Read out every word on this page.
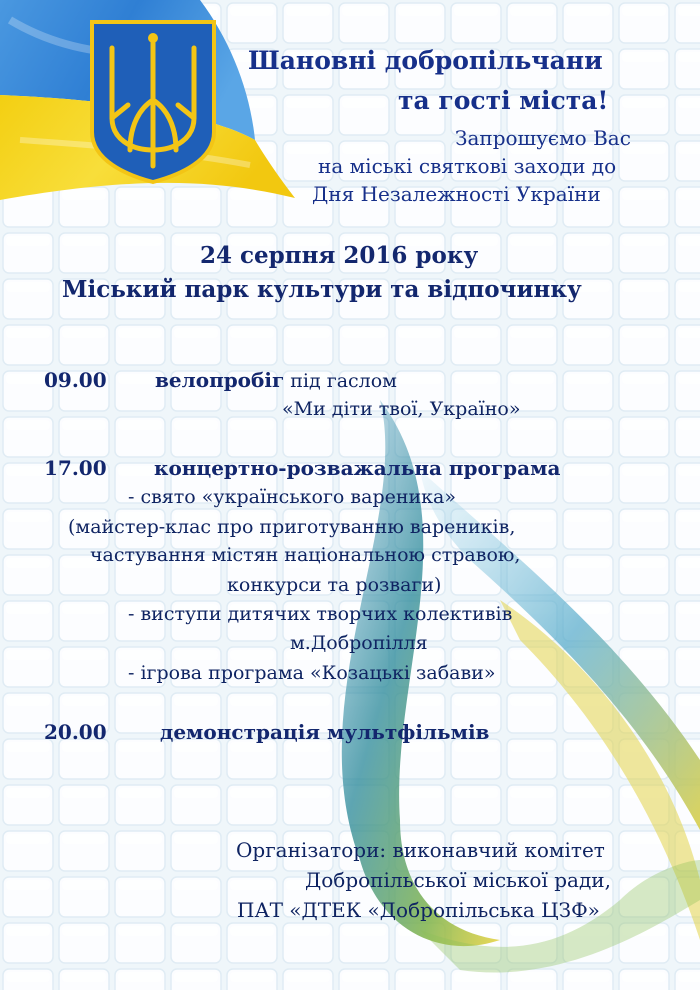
Шановні добропільчани
та гості міста!
Запрошуємо Вас
на міські святкові заходи до
Дня Незалежності України
24 серпня 2016 року
Міський парк культури та відпочинку
09.00 велопробіг під гаслом
«Ми діти твої, Україно»
17.00 концертно-розважальна програма
- свято «українського вареника»
(майстер-клас про приготуванню вареників,
частування містян національною стравою,
конкурси та розваги)
- виступи дитячих творчих колективів
м.Добропілля
- ігрова програма «Козацькі забави»
20.00	демонстрація мультфільмів
Організатори: виконавчий комітет
Добропільської міської ради,
ПАТ «ДТЕК «Добропільська ЦЗФ»
